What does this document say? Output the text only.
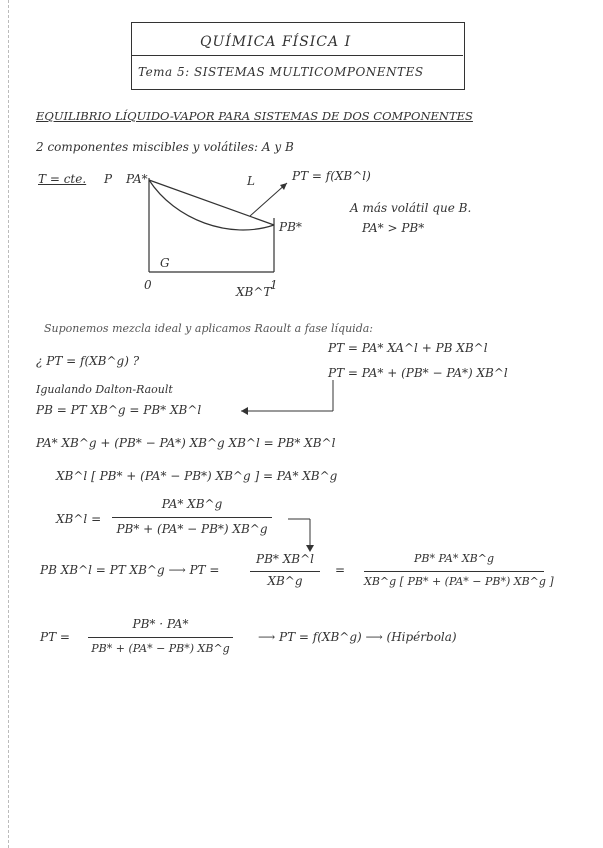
QUÍMICA FÍSICA I
Tema 5: SISTEMAS MULTICOMPONENTES
EQUILIBRIO LÍQUIDO-VAPOR PARA SISTEMAS DE DOS COMPONENTES
2 componentes miscibles y volátiles: A y B
T = cte. P PA*	PT = f(XB^l)
L
PB*
G
0	1
XB^T
A más volátil que B.
PA* > PB*
Suponemos mezcla ideal y aplicamos Raoult a fase líquida:
PT = PA* XA^l + PB XB^l
¿ PT = f(XB^g) ?
PT = PA* + (PB* − PA*) XB^l
Igualando Dalton-Raoult
PB = PT XB^g = PB* XB^l
PA* XB^g + (PB* − PA*) XB^g XB^l = PB* XB^l
XB^l [ PB* + (PA* − PB*) XB^g ] = PA* XB^g
XB^l =
PA* XB^g
PB* + (PA* − PB*) XB^g
PB XB^l = PT XB^g ⟶ PT =
PB* XB^l
XB^g
=
PB* PA* XB^g
XB^g [ PB* + (PA* − PB*) XB^g ]
PT =
PB* · PA*
PB* + (PA* − PB*) XB^g
⟶ PT = f(XB^g) ⟶ (Hipérbola)
